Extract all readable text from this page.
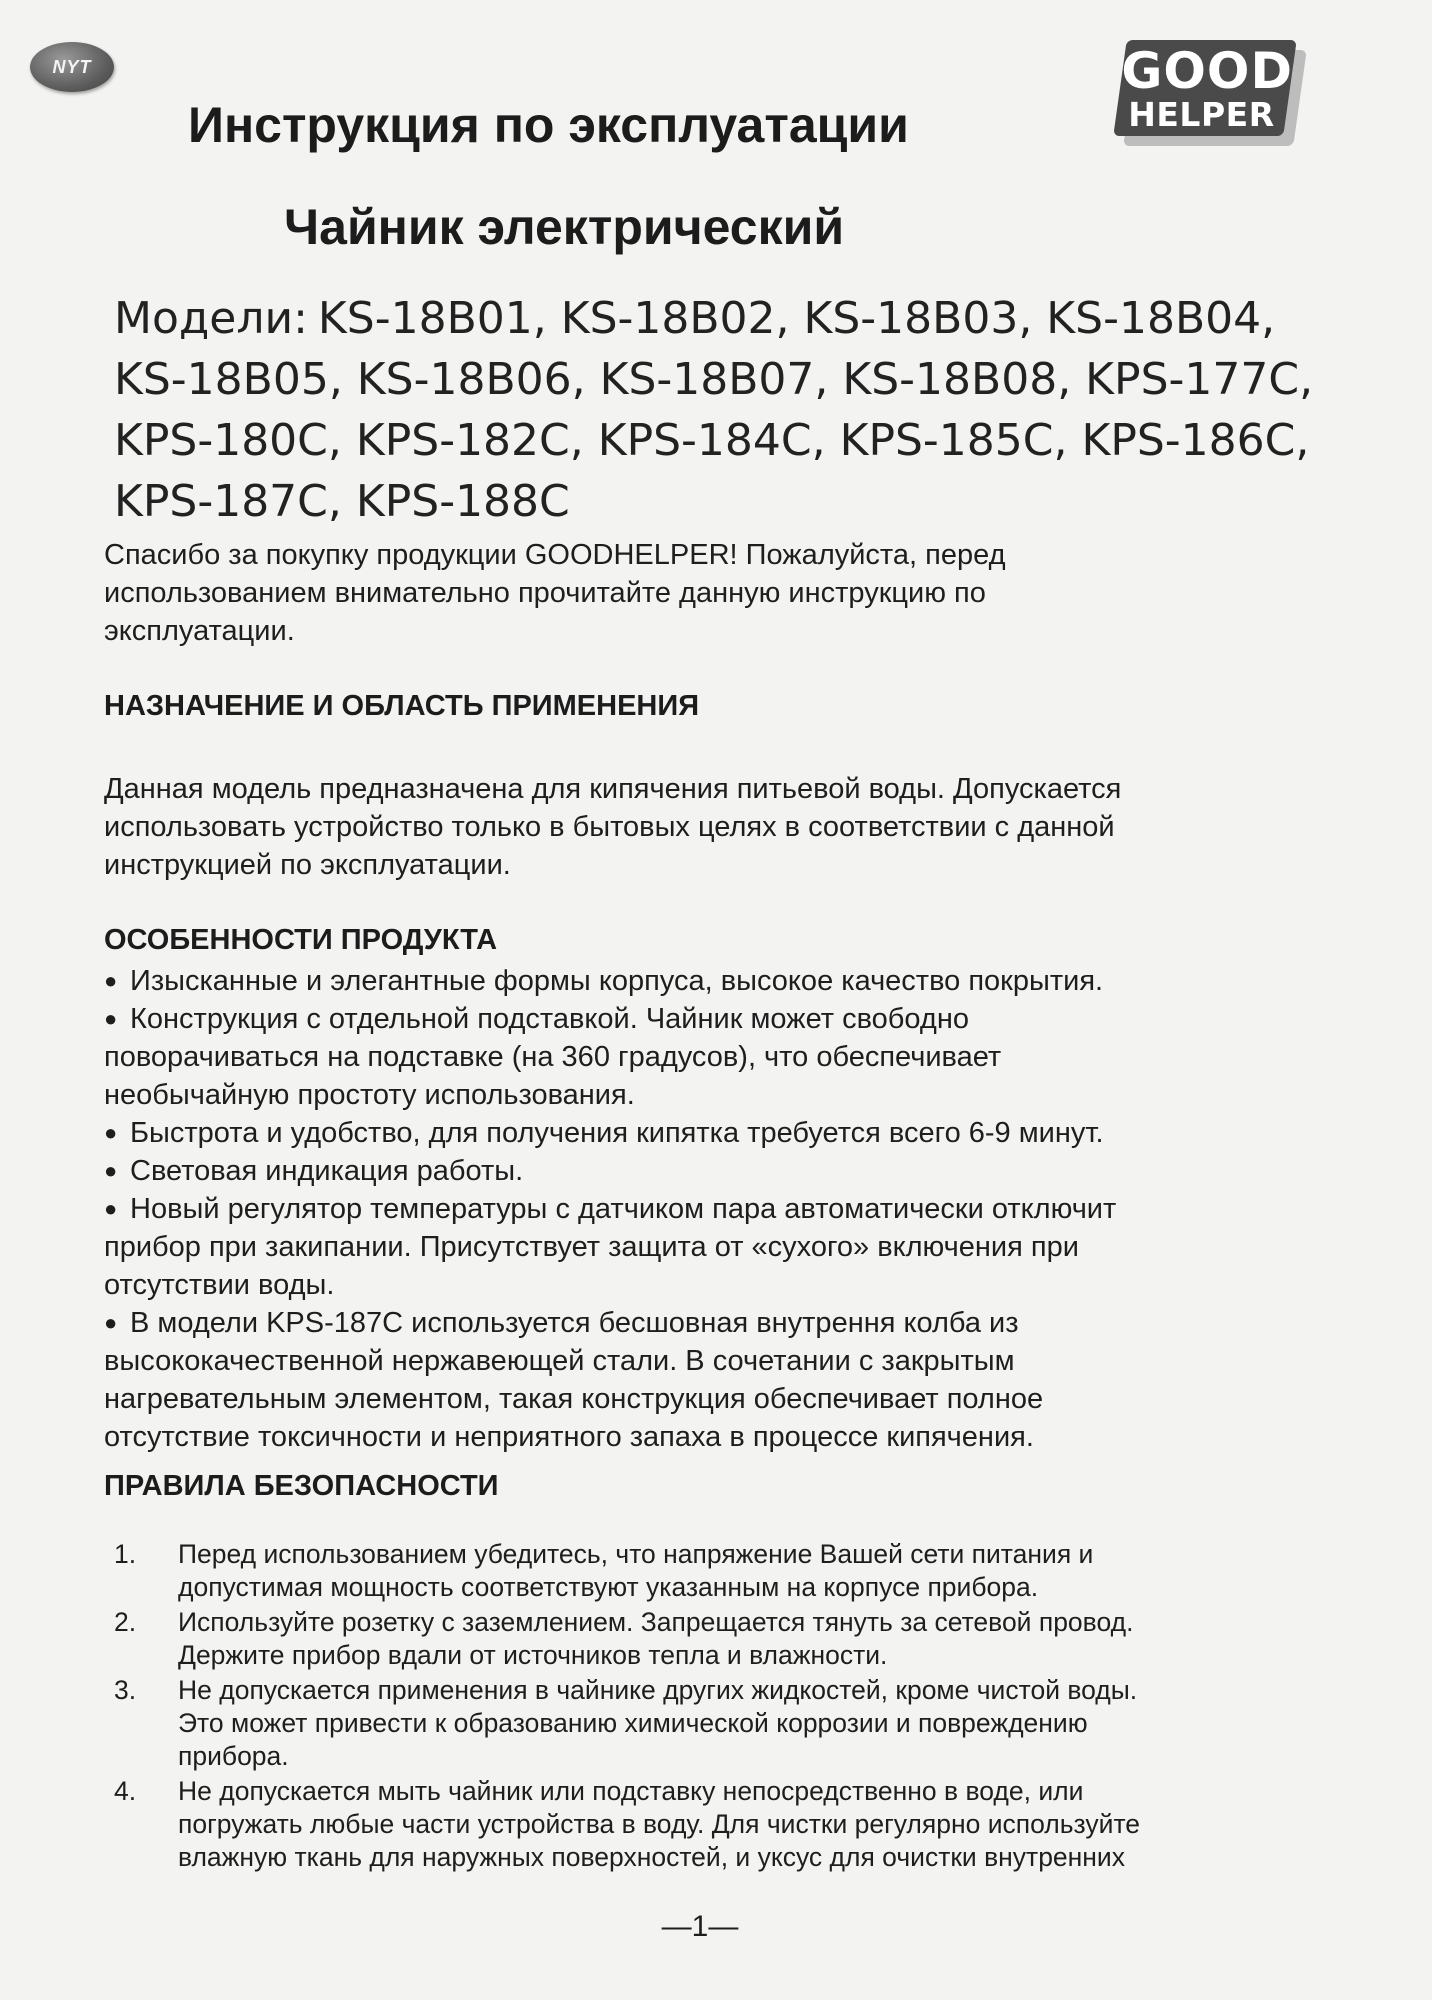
NYT	GOOD
HELPER
Инструкция по эксплуатации
Чайник электрический
Модели: KS-18B01, KS-18B02, KS-18B03, KS-18B04,
KS-18B05, KS-18B06, KS-18B07, KS-18B08, KPS-177C,
KPS-180C, KPS-182C, KPS-184C, KPS-185C, KPS-186C,
KPS-187C, KPS-188C
Спасибо за покупку продукции GOODHELPER! Пожалуйста, перед
использованием внимательно прочитайте данную инструкцию по
эксплуатации.
НАЗНАЧЕНИЕ И ОБЛАСТЬ ПРИМЕНЕНИЯ
Данная модель предназначена для кипячения питьевой воды. Допускается
использовать устройство только в бытовых целях в соответствии с данной
инструкцией по эксплуатации.
ОСОБЕННОСТИ ПРОДУКТА
● Изысканные и элегантные формы корпуса, высокое качество покрытия.
● Конструкция с отдельной подставкой. Чайник может свободно
поворачиваться на подставке (на 360 градусов), что обеспечивает
необычайную простоту использования.
● Быстрота и удобство, для получения кипятка требуется всего 6-9 минут.
● Световая индикация работы.
● Новый регулятор температуры с датчиком пара автоматически отключит
прибор при закипании. Присутствует защита от «сухого» включения при
отсутствии воды.
● В модели KPS-187C используется бесшовная внутрення колба из
высококачественной нержавеющей стали. В сочетании с закрытым
нагревательным элементом, такая конструкция обеспечивает полное
отсутствие токсичности и неприятного запаха в процессе кипячения.
ПРАВИЛА БЕЗОПАСНОСТИ
1. Перед использованием убедитесь, что напряжение Вашей сети питания и
допустимая мощность соответствуют указанным на корпусе прибора.
2. Используйте розетку с заземлением. Запрещается тянуть за сетевой провод.
Держите прибор вдали от источников тепла и влажности.
3. Не допускается применения в чайнике других жидкостей, кроме чистой воды.
Это может привести к образованию химической коррозии и повреждению
прибора.
4. Не допускается мыть чайник или подставку непосредственно в воде, или
погружать любые части устройства в воду. Для чистки регулярно используйте
влажную ткань для наружных поверхностей, и уксус для очистки внутренних
—1—
